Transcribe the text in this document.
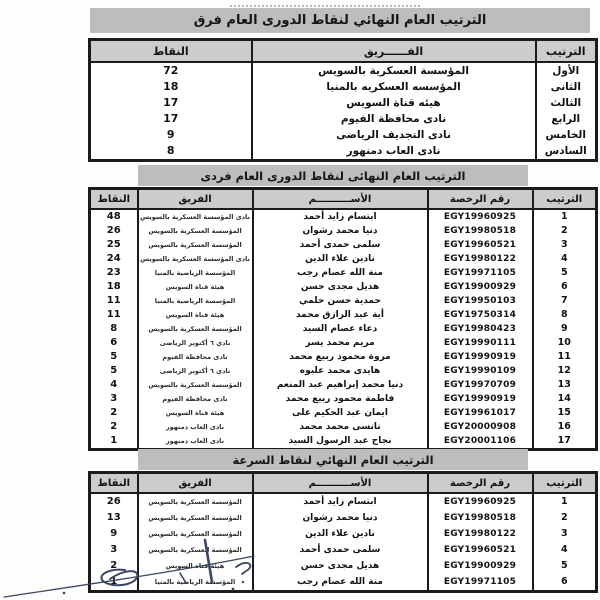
الترتيب العام النهائي لنقاط الدورى العام فرق
الترتيب	الفــــــريق	النقاط
الأول	المؤسسة العسكرية بالسويس	72
الثانى	المؤسسه العسكريه بالمنيا	18
الثالث	هيئه قناة السويس	17
الرابع	نادى محافظة الفيوم	17
الخامس	نادى التجديف الرياضى	9
السادس	نادى العاب دمنهور	8
الترتيب العام النهائى لنقاط الدورى العام فردى
الترتيب	رقم الرخصة	الأســــــــــم	الفريق	النقاط
1	EGY19960925	ابتسام زايد أحمد	نادى المؤسسة العسكرية بالسويس	48
2	EGY19980518	دنيا محمد رشوان	المؤسسة العسكرية بالسويس	26
3	EGY19960521	سلمى حمدى أحمد	المؤسسة العسكرية بالسويس	25
4	EGY19980122	نادين علاء الدين	نادى المؤسسة العسكرية بالسويس	24
5	EGY19971105	منة الله عصام رجب	المؤسسة الرياضية بالمنيا	23
6	EGY19900929	هديل مجدى حسن	هيئة قناة السويس	18
7	EGY19950103	حمدية حسن حلمي	المؤسسة الرياضية بالمنيا	11
8	EGY19750314	أية عبد الرازق محمد	هيئة قناة السويس	11
9	EGY19980423	دعاء عصام السيد	المؤسسة العسكرية بالسويس	8
10	EGY19990111	مريم محمد يسر	نادي ٦ أكتوبر الرياضى	6
11	EGY19990919	مروة محمود ربيع محمد	نادى محافظة الفيوم	5
12	EGY19990109	هايدى محمد عليوه	نادي ٦ أكتوبر الرياضى	5
13	EGY19970709	دنيا محمد إبراهيم عبد المنعم	المؤسسة العسكرية بالسويس	4
14	EGY19990919	فاطمة محمود ربيع محمد	نادى محافظة الفيوم	3
15	EGY19961017	ايمان عبد الحكيم على	هيئة قناة السويس	2
16	EGY20000908	نانسى محمد محمد	نادى العاب دمنهور	2
17	EGY20001106	نجاح عبد الرسول السيد	نادى العاب دمنهور	1
الترتيب العام النهائي لنقاط السرعة
الترتيب	رقم الرخصة	الأســــــــــم	الفريق	النقاط
1	EGY19960925	ابتسام زايد أحمد	المؤسسة العسكرية بالسويس	26
2	EGY19980518	دنيا محمد رشوان	المؤسسة العسكرية بالسويس	13
3	EGY19980122	نادين علاء الدين	المؤسسة العسكرية بالسويس	9
4	EGY19960521	سلمى حمدى أحمد	المؤسسة العسكرية بالسويس	3
5	EGY19900929	هديل مجدى حسن	هيئة قناة السويس	2
6	EGY19971105	منة الله عصام رجب	المؤسسة الرياضية بالمنيا	1
